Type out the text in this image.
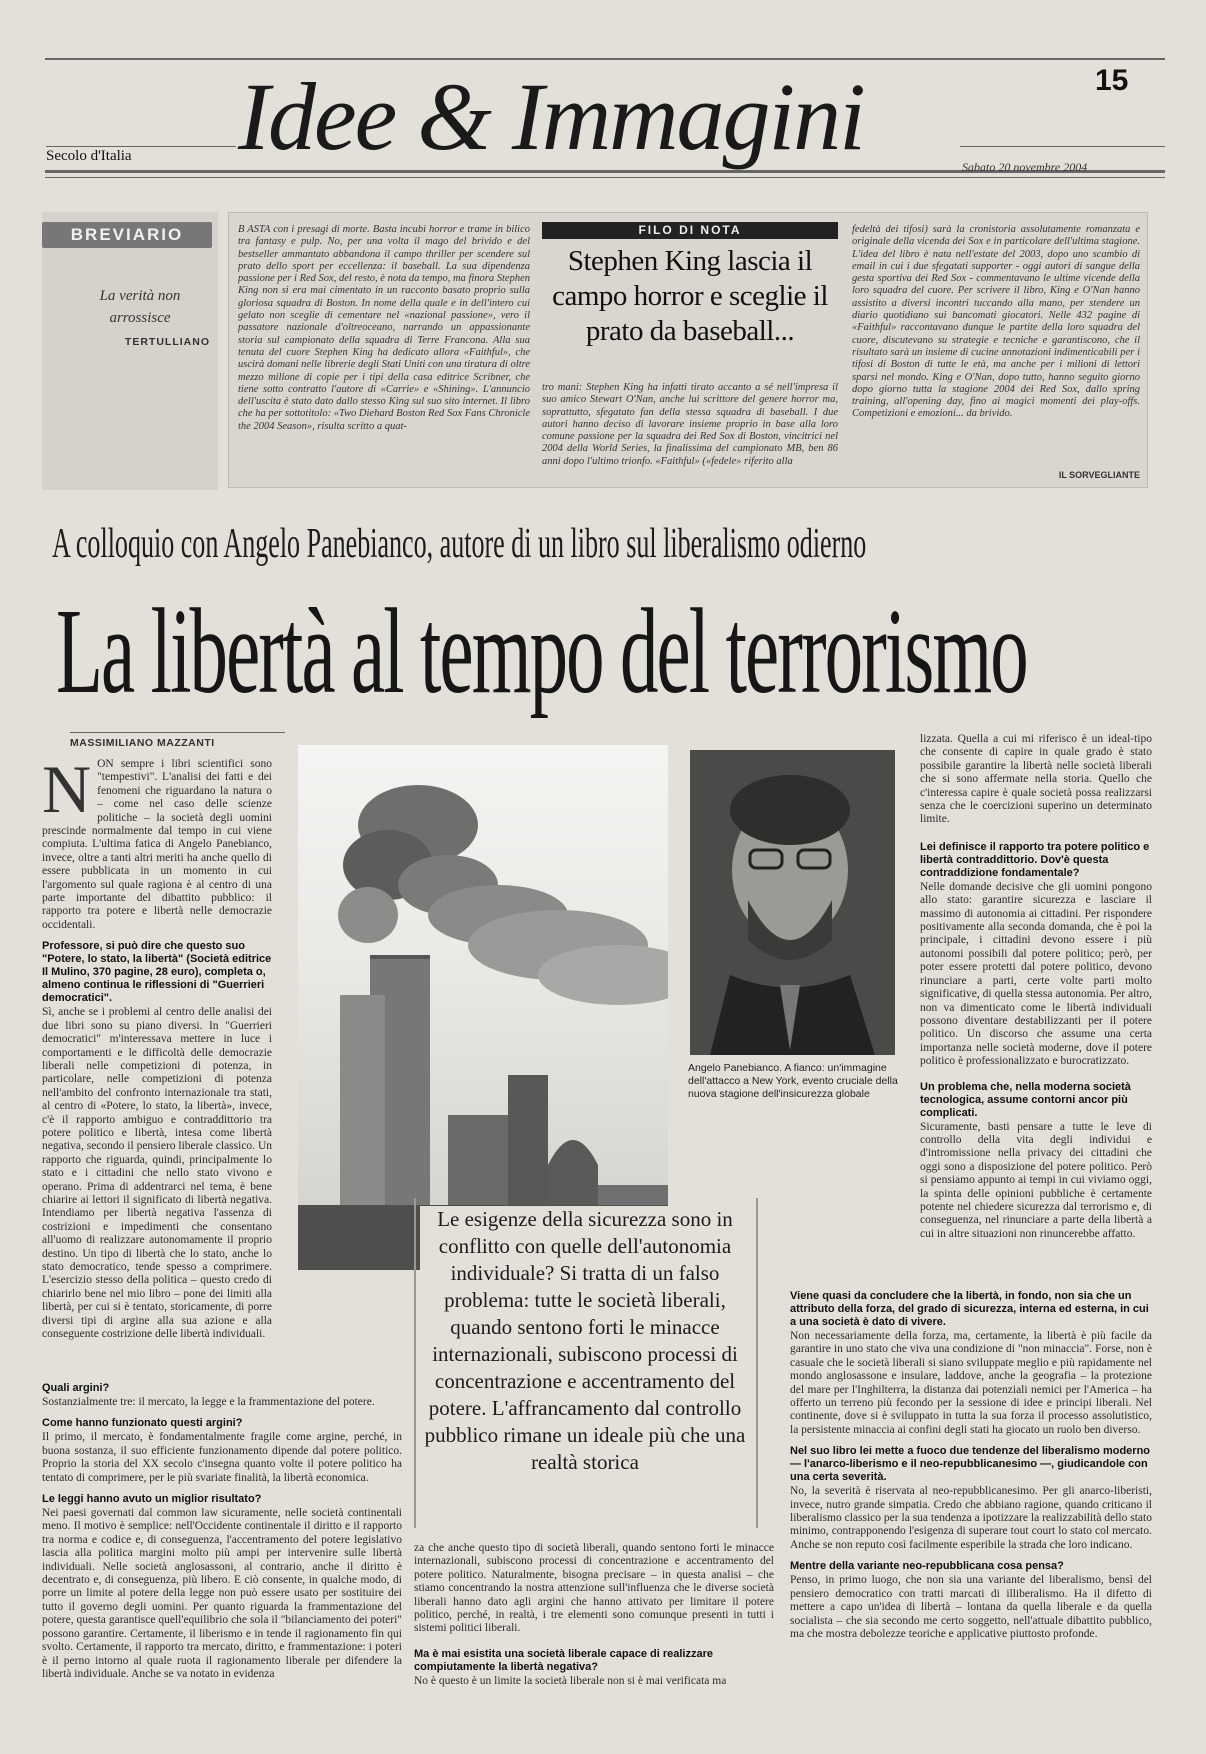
15
Secolo d'Italia Idee & Immagini	Sabato 20 novembre 2004
BREVIARIO
La verità non arrossisce
TERTULLIANO
FILO DI NOTA
B ASTA con i presagi di morte. Basta incubi horror e trame in bilico tra fantasy e pulp. No, per una volta il mago del brivido e del bestseller ammantato abbandona il campo thriller per scendere sul prato dello sport per eccellenza: il baseball. La sua dipendenza passione per i Red Sox, del resto, è nota da tempo, ma finora Stephen King non si era mai cimentato in un racconto basato proprio sulla gloriosa squadra di Boston. In nome della quale e in dell'intero cui gelato non sceglie di cementare nel «nazional passione», vero il passatore nazionale d'oltreoceano, narrando un appassionante storia sul campionato della squadra di Terre Francona. Alla sua tenuta del cuore Stephen King ha dedicato allora «Faithful», che uscirà domani nelle librerie degli Stati Uniti con una tiratura di oltre mezzo milione di copie per i tipi della casa editrice Scribner, che tiene sotto contratto l'autore di «Carrie» e «Shining». L'annuncio dell'uscita è stato dato dallo stesso King sul suo sito internet. Il libro che ha per sottotitolo: «Two Diehard Boston Red Sox Fans Chronicle the 2004 Season», risulta scritto a quat-
Stephen King lascia il campo horror e sceglie il prato da baseball...
tro mani: Stephen King ha infatti tirato accanto a sé nell'impresa il suo amico Stewart O'Nan, anche lui scrittore del genere horror ma, soprattutto, sfegatato fan della stessa squadra di baseball. I due autori hanno deciso di lavorare insieme proprio in base alla loro comune passione per la squadra dei Red Sox di Boston, vincitrici nel 2004 della World Series, la finalissima del campionato MB, ben 86 anni dopo l'ultimo trionfo. «Faithful» («fedele» riferito alla
fedeltà dei tifosi) sarà la cronistoria assolutamente romanzata e originale della vicenda dei Sox e in particolare dell'ultima stagione. L'idea del libro è nata nell'estate del 2003, dopo uno scambio di email in cui i due sfegatati supporter - oggi autori di sangue della gesta sportiva dei Red Sox - commentavano le ultime vicende della loro squadra del cuore. Per scrivere il libro, King e O'Nan hanno assistito a diversi incontri tuccando alla mano, per stendere un diario quotidiano sui bancomati giocatori. Nelle 432 pagine di «Faithful» raccontavano dunque le partite della loro squadra del cuore, discutevano su strategie e tecniche e garantiscono, che il risultato sarà un insieme di cucine annotazioni indimenticabili per i tifosi di Boston di tutte le età, ma anche per i milioni di lettori sparsi nel mondo. King e O'Nan, dopo tutto, hanno seguito giorno dopo giorno tutta la stagione 2004 dei Red Sox, dallo spring training, all'opening day, fino ai magici momenti dei play-offs. Competizioni e emozioni... da brivido.
IL SORVEGLIANTE
A colloquio con Angelo Panebianco, autore di un libro sul liberalismo odierno
La libertà al tempo del terrorismo
MASSIMILIANO MAZZANTI
NON sempre i libri scientifici sono "tempestivi". L'analisi dei fatti e dei fenomeni che riguardano la natura o – come nel caso delle scienze politiche – la società degli uomini prescinde normalmente dal tempo in cui viene compiuta. L'ultima fatica di Angelo Panebianco, invece, oltre a tanti altri meriti ha anche quello di essere pubblicata in un momento in cui l'argomento sul quale ragiona è al centro di una parte importante del dibattito pubblico: il rapporto tra potere e libertà nelle democrazie occidentali.
Professore, si può dire che questo suo "Potere, lo stato, la libertà" (Società editrice Il Mulino, 370 pagine, 28 euro), completa o, almeno continua le riflessioni di "Guerrieri democratici".
Sì, anche se i problemi al centro delle analisi dei due libri sono su piano diversi. In "Guerrieri democratici" m'interessava mettere in luce i comportamenti e le difficoltà delle democrazie liberali nelle competizioni di potenza, in particolare, nelle competizioni di potenza nell'ambito del confronto internazionale tra stati, al centro di «Potere, lo stato, la libertà», invece, c'è il rapporto ambiguo e contraddittorio tra potere politico e libertà, intesa come libertà negativa, secondo il pensiero liberale classico. Un rapporto che riguarda, quindi, principalmente lo stato e i cittadini che nello stato vivono e operano. Prima di addentrarci nel tema, è bene chiarire ai lettori il significato di libertà negativa. Intendiamo per libertà negativa l'assenza di costrizioni e impedimenti che consentano all'uomo di realizzare autonomamente il proprio destino. Un tipo di libertà che lo stato, anche lo stato democratico, tende spesso a comprimere. L'esercizio stesso della politica – questo credo di chiarirlo bene nel mio libro – pone dei limiti alla libertà, per cui si è tentato, storicamente, di porre diversi tipi di argine alla sua azione e alla conseguente costrizione delle libertà individuali.
Quali argini?
Sostanzialmente tre: il mercato, la legge e la frammentazione del potere.
Come hanno funzionato questi argini?
Il primo, il mercato, è fondamentalmente fragile come argine, perché, in buona sostanza, il suo efficiente funzionamento dipende dal potere politico. Proprio la storia del XX secolo c'insegna quanto volte il potere politico ha tentato di comprimere, per le più svariate finalità, la libertà economica.
Le leggi hanno avuto un miglior risultato?
Nei paesi governati dal common law sicuramente, nelle società continentali meno. Il motivo è semplice: nell'Occidente continentale il diritto e il rapporto tra norma e codice e, di conseguenza, l'accentramento del potere legislativo lascia alla politica margini molto più ampi per intervenire sulle libertà individuali. Nelle società anglosassoni, al contrario, anche il diritto è decentrato e, di conseguenza, più libero. E ciò consente, in qualche modo, di porre un limite al potere della legge non può essere usato per sostituire dei tutto il governo degli uomini. Per quanto riguarda la frammentazione del potere, questa garantisce quell'equilibrio che sola il "bilanciamento dei poteri" possono garantire. Certamente, il liberismo e in tende il ragionamento fin qui svolto. Certamente, il rapporto tra mercato, diritto, e frammentazione: i poteri è il perno intorno al quale ruota il ragionamento liberale per difendere la libertà individuale. Anche se va notato in evidenza
Angelo Panebianco. A fianco: un'immagine dell'attacco a New York, evento cruciale della nuova stagione dell'insicurezza globale
Le esigenze della sicurezza sono in conflitto con quelle dell'autonomia individuale? Si tratta di un falso problema: tutte le società liberali, quando sentono forti le minacce internazionali, subiscono processi di concentrazione e accentramento del potere. L'affrancamento dal controllo pubblico rimane un ideale più che una realtà storica
za che anche questo tipo di società liberali, quando sentono forti le minacce internazionali, subiscono processi di concentrazione e accentramento del potere politico. Naturalmente, bisogna precisare – in questa analisi – che stiamo concentrando la nostra attenzione sull'influenza che le diverse società liberali hanno dato agli argini che hanno attivato per limitare il potere politico, perché, in realtà, i tre elementi sono comunque presenti in tutti i sistemi politici liberali.
Ma è mai esistita una società liberale capace di realizzare compiutamente la libertà negativa?
No è questo è un limite la società liberale non si è mai verificata ma
lizzata. Quella a cui mi riferisco è un ideal-tipo che consente di capire in quale grado è stato possibile garantire la libertà nelle società liberali che si sono affermate nella storia. Quello che c'interessa capire è quale società possa realizzarsi senza che le coercizioni superino un determinato limite.
Lei definisce il rapporto tra potere politico e libertà contraddittorio. Dov'è questa contraddizione fondamentale?
Nelle domande decisive che gli uomini pongono allo stato: garantire sicurezza e lasciare il massimo di autonomia ai cittadini. Per rispondere positivamente alla seconda domanda, che è poi la principale, i cittadini devono essere i più autonomi possibili dal potere politico; però, per poter essere protetti dal potere politico, devono rinunciare a parti, certe volte parti molto significative, di quella stessa autonomia. Per altro, non va dimenticato come le libertà individuali possono diventare destabilizzanti per il potere politico. Un discorso che assume una certa importanza nelle società moderne, dove il potere politico è professionalizzato e burocratizzato.
Un problema che, nella moderna società tecnologica, assume contorni ancor più complicati.
Sicuramente, basti pensare a tutte le leve di controllo della vita degli individui e d'intromissione nella privacy dei cittadini che oggi sono a disposizione del potere politico. Però si pensiamo appunto ai tempi in cui viviamo oggi, la spinta delle opinioni pubbliche è certamente potente nel chiedere sicurezza dal terrorismo e, di conseguenza, nel rinunciare a parte della libertà a cui in altre situazioni non rinuncerebbe affatto.
Viene quasi da concludere che la libertà, in fondo, non sia che un attributo della forza, del grado di sicurezza, interna ed esterna, in cui a una società è dato di vivere.
Non necessariamente della forza, ma, certamente, la libertà è più facile da garantire in uno stato che viva una condizione di "non minaccia". Forse, non è casuale che le società liberali si siano sviluppate meglio e più rapidamente nel mondo anglosassone e insulare, laddove, anche la geografia – la protezione del mare per l'Inghilterra, la distanza dai potenziali nemici per l'America – ha offerto un terreno più fecondo per la sessione di idee e principi liberali. Nel continente, dove si è sviluppato in tutta la sua forza il processo assolutistico, la persistente minaccia ai confini degli stati ha giocato un ruolo ben diverso.
Nel suo libro lei mette a fuoco due tendenze del liberalismo moderno — l'anarco-liberismo e il neo-repubblicanesimo —, giudicandole con una certa severità.
No, la severità è riservata al neo-repubblicanesimo. Per gli anarco-liberisti, invece, nutro grande simpatia. Credo che abbiano ragione, quando criticano il liberalismo classico per la sua tendenza a ipotizzare la realizzabilità dello stato minimo, contrapponendo l'esigenza di superare tout court lo stato col mercato. Anche se non reputo così facilmente esperibile la strada che loro indicano.
Mentre della variante neo-repubblicana cosa pensa?
Penso, in primo luogo, che non sia una variante del liberalismo, bensì del pensiero democratico con tratti marcati di illiberalismo. Ha il difetto di mettere a capo un'idea di libertà – lontana da quella liberale e da quella socialista – che sia secondo me certo soggetto, nell'attuale dibattito pubblico, ma che mostra debolezze teoriche e applicative piuttosto profonde.
